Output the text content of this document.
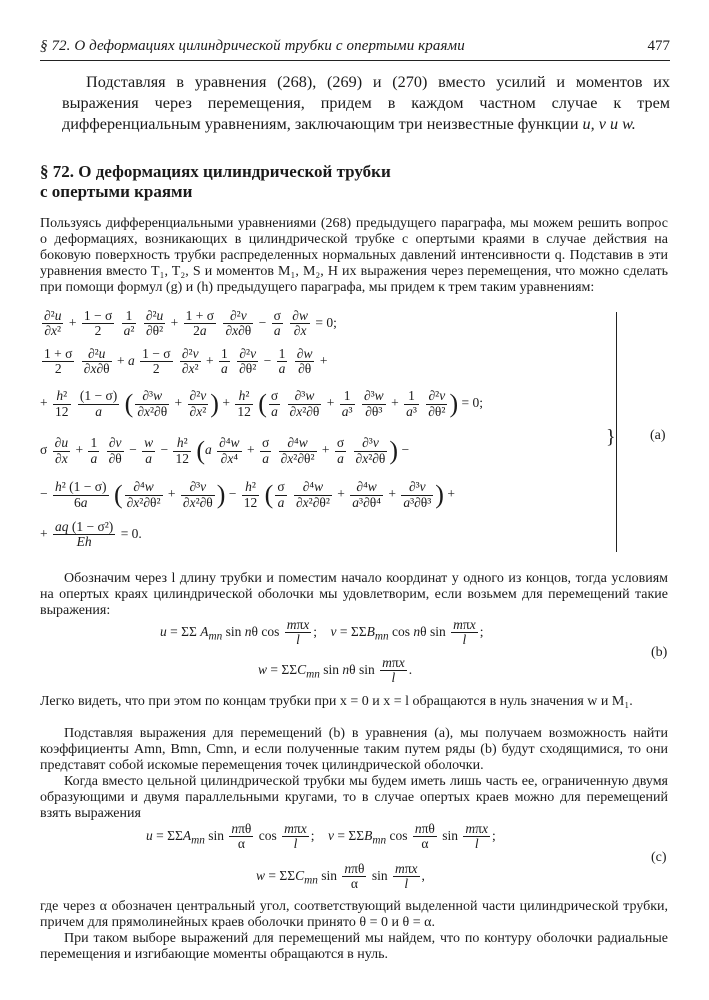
§ 72. О деформациях цилиндрической трубки с опертыми краями	477
Подставляя в уравнения (268), (269) и (270) вместо усилий и моментов их выражения через перемещения, придем в каждом частном случае к трем дифференциальным уравнениям, заключающим три неизвестные функции u, v и w.
§ 72. О деформациях цилиндрической трубки
с опертыми краями
Пользуясь дифференциальными уравнениями (268) предыдущего параграфа, мы можем решить вопрос о деформациях, возникающих в цилиндрической трубке с опертыми краями в случае действия на боковую поверхность трубки распределенных нормальных давлений интенсивности q. Подставив в эти уравнения вместо T₁, T₂, S и моментов M₁, M₂, H их выражения через перемещения, что можно сделать при помощи формул (g) и (h) предыдущего параграфа, мы придем к трем таким уравнениям:
$\frac{\text{∂²u}}{\text{∂x²}} + \frac{1 - \sigma}{2}$
$\frac{1}{\text{a²}}$
$\frac{\text{∂²u}}{\text{∂θ²}} + \frac{1 + \sigma}{2a}$
$\frac{\text{∂²v}}{\partial x\partial\theta} - \frac{\sigma}{a}$
$\frac{\partial w}{\partial x} = 0$;
$\frac{1 + \sigma}{2}$
$\frac{\text{∂²u}}{\partial x\partial\theta} + a \frac{1 - \sigma}{2}$
$\frac{\text{∂²v}}{\text{∂x²}} + \frac{1}{a}$
$\frac{\text{∂²v}}{\text{∂θ²}} - \frac{1}{a}$
$\frac{\partial w}{\partial\theta}$ +
+ $\frac{\text{h²}}{12}$
$\frac{(1 - \sigma)}{a}$ ( $\frac{\text{∂³w}}{\text{∂x²∂θ}} + \frac{\text{∂²v}}{\text{∂x²}}$ ) + $\frac{\text{h²}}{12}$ ( $\frac{\sigma}{a}$
$\frac{\text{∂³w}}{\text{∂x²∂θ}} + \frac{1}{\text{a³}}$
$\frac{\text{∂³w}}{\text{∂θ³}} + \frac{1}{\text{a³}}$
$\frac{\text{∂²v}}{\text{∂θ²}}$ ) = 0;
σ $\frac{\partial u}{\partial x} + \frac{1}{a}$
$\frac{\partial v}{\partial\theta} - \frac{w}{a} - \frac{\text{h²}}{12} (a \frac{\text{∂⁴w}}{\text{∂x⁴}} + \frac{\sigma}{a}$
$\frac{\text{∂⁴w}}{\text{∂x²∂θ²}} + \frac{\sigma}{a}$
$\frac{\text{∂³v}}{\text{∂x²∂θ}}$ ) −
− $\frac{\text{h² (1 − σ)}}{6a}$ ( $\frac{\text{∂⁴w}}{\text{∂x²∂θ²}} + \frac{\text{∂³v}}{\text{∂x²∂θ}}$ ) − $\frac{\text{h²}}{12}$ ( $\frac{\sigma}{a}$
$\frac{\text{∂⁴w}}{\text{∂x²∂θ²}} + \frac{\text{∂⁴w}}{\text{a³∂θ⁴}} + \frac{\text{∂³v}}{\text{a³∂θ³}}$ ) +
+ $\frac{\text{aq (1 − σ²)}}{Eh} = 0$.
} (a)
Обозначим через l длину трубки и поместим начало координат у одного из концов, тогда условиям на опертых краях цилиндрической оболочки мы удовлетворим, если возьмем для перемещений такие выражения:
u = ΣΣ $A_{mn}$ sin nθ $\cos \frac{\text{mπx}}{l}$ ;    $v = \Sigma\Sigma B_{mn}$ cos nθ $\sin \frac{\text{mπx}}{l}$ ;
$w = \Sigma\Sigma C_{mn}$ sin nθ $\sin \frac{\text{mπx}}{l}$ .
(b)
Легко видеть, что при этом по концам трубки при x = 0 и x = l обращаются в нуль значения w и M₁.
Подставляя выражения для перемещений (b) в уравнения (a), мы получаем возможность найти коэффициенты Amn, Bmn, Cmn, и если полученные таким путем ряды (b) будут сходящимися, то они представят собой искомые перемещения точек цилиндрической оболочки.
Когда вместо цельной цилиндрической трубки мы будем иметь лишь часть ее, ограниченную двумя образующими и двумя параллельными кругами, то в случае опертых краев можно для перемещений взять выражения
$u = \Sigma\Sigma A_{mn}$ $\sin \frac{\text{nπθ}}{\alpha}$ $\cos \frac{\text{mπx}}{l}$ ;    $v = \Sigma\Sigma B_{mn}$ $\cos \frac{\text{nπθ}}{\alpha}$ $\sin \frac{\text{mπx}}{l}$ ;
$w = \Sigma\Sigma C_{mn}$ $\sin \frac{\text{nπθ}}{\alpha}$ $\sin \frac{\text{mπx}}{l}$ ,
(c)
где через α обозначен центральный угол, соответствующий выделенной части цилиндрической трубки, причем для прямолинейных краев оболочки принято θ = 0 и θ = α.
При таком выборе выражений для перемещений мы найдем, что по контуру оболочки радиальные перемещения и изгибающие моменты обращаются в нуль.
